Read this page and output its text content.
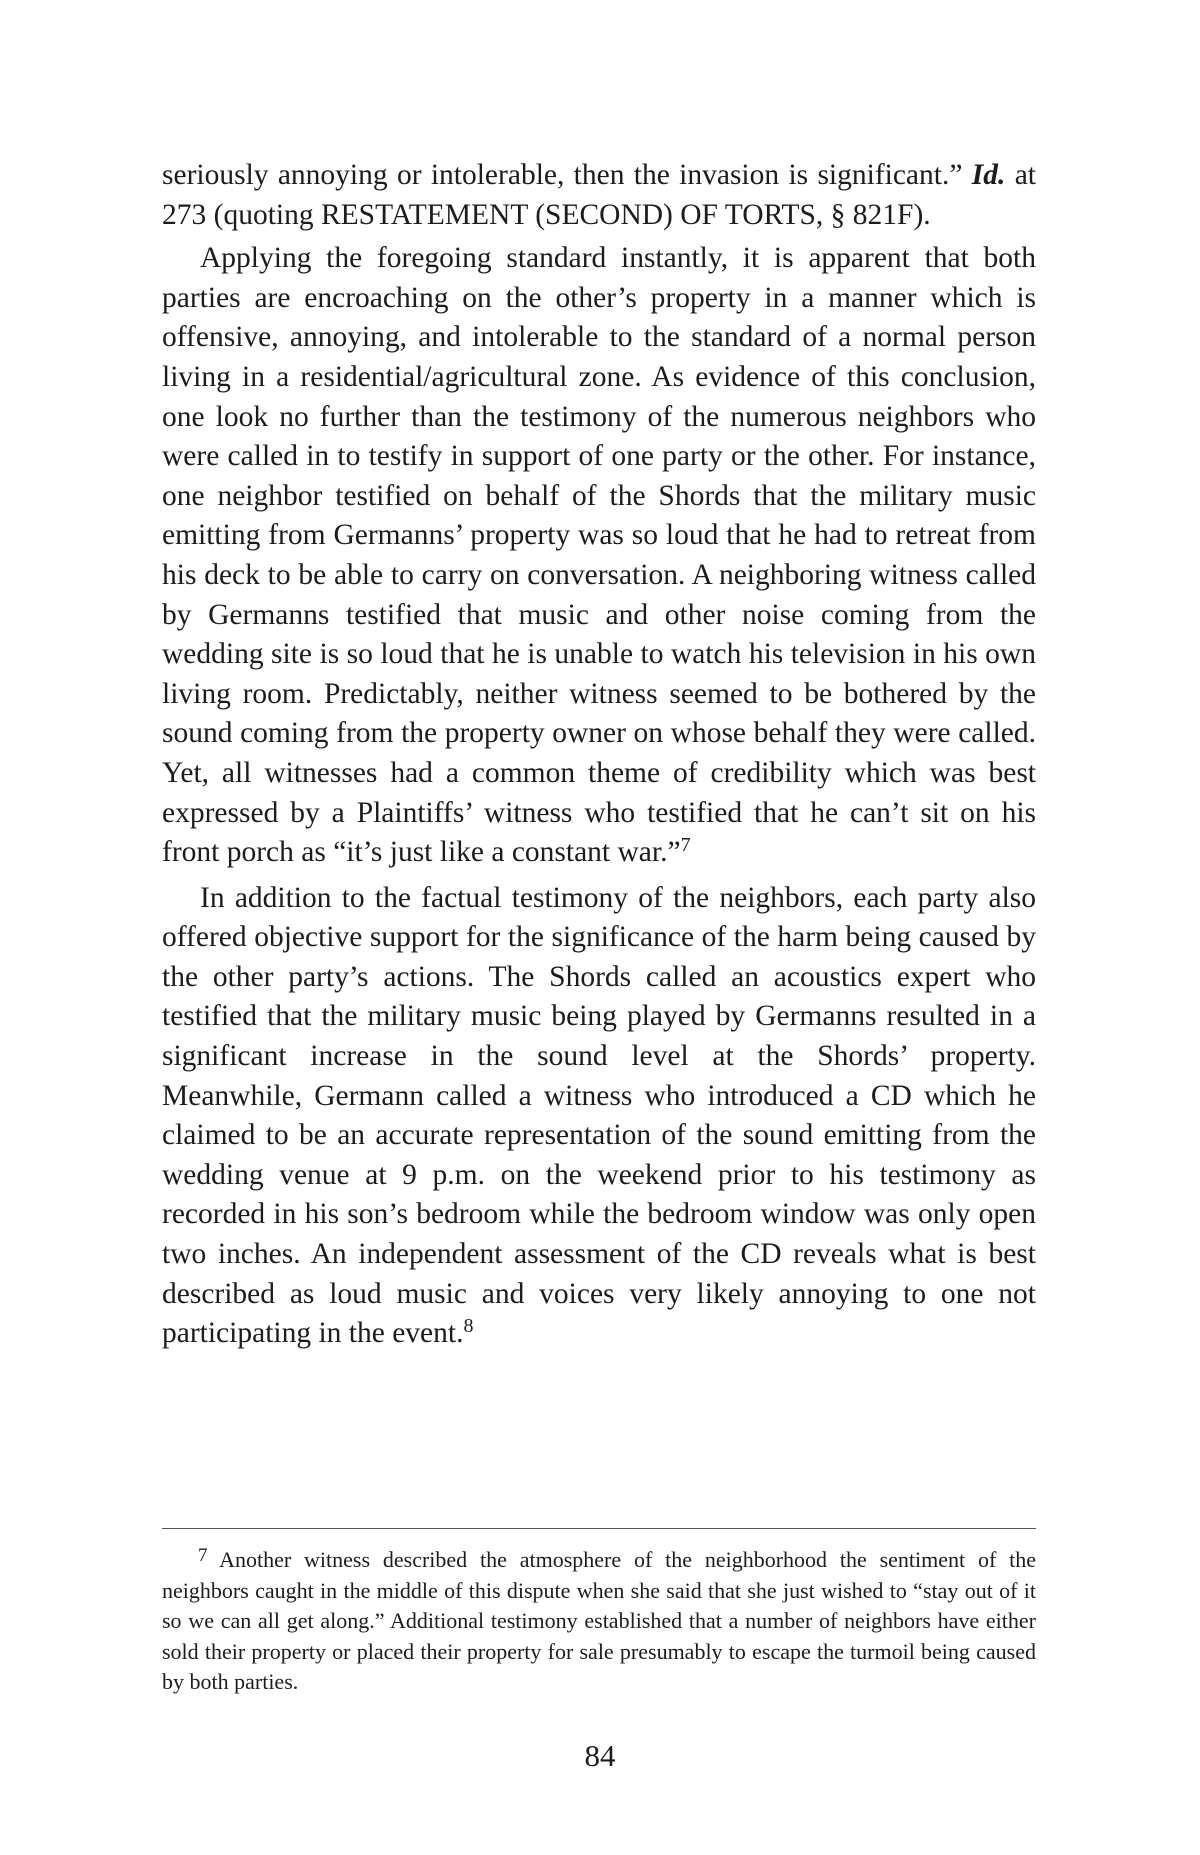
seriously annoying or intolerable, then the invasion is significant.” Id. at 273 (quoting RESTATEMENT (SECOND) OF TORTS, § 821F).

Applying the foregoing standard instantly, it is apparent that both parties are encroaching on the other’s property in a manner which is offensive, annoying, and intolerable to the standard of a normal person living in a residential/agricultural zone. As evidence of this conclusion, one look no further than the testimony of the numerous neighbors who were called in to testify in support of one party or the other. For instance, one neighbor testified on behalf of the Shords that the military music emitting from Germanns’ property was so loud that he had to retreat from his deck to be able to carry on conversation. A neighboring witness called by Germanns testified that music and other noise coming from the wedding site is so loud that he is unable to watch his television in his own living room. Predictably, neither witness seemed to be bothered by the sound coming from the property owner on whose behalf they were called. Yet, all witnesses had a common theme of credibility which was best expressed by a Plaintiffs’ witness who testified that he can’t sit on his front porch as “it’s just like a constant war.”$^7$

In addition to the factual testimony of the neighbors, each party also offered objective support for the significance of the harm being caused by the other party’s actions. The Shords called an acoustics expert who testified that the military music being played by Germanns resulted in a significant increase in the sound level at the Shords’ property. Meanwhile, Germann called a witness who introduced a CD which he claimed to be an accurate representation of the sound emitting from the wedding venue at 9 p.m. on the weekend prior to his testimony as recorded in his son’s bedroom while the bedroom window was only open two inches. An independent assessment of the CD reveals what is best described as loud music and voices very likely annoying to one not participating in the event.$^8$

$^7$ Another witness described the atmosphere of the neighborhood the sentiment of the neighbors caught in the middle of this dispute when she said that she just wished to “stay out of it so we can all get along.” Additional testimony established that a number of neighbors have either sold their property or placed their property for sale presumably to escape the turmoil being caused by both parties.

84
